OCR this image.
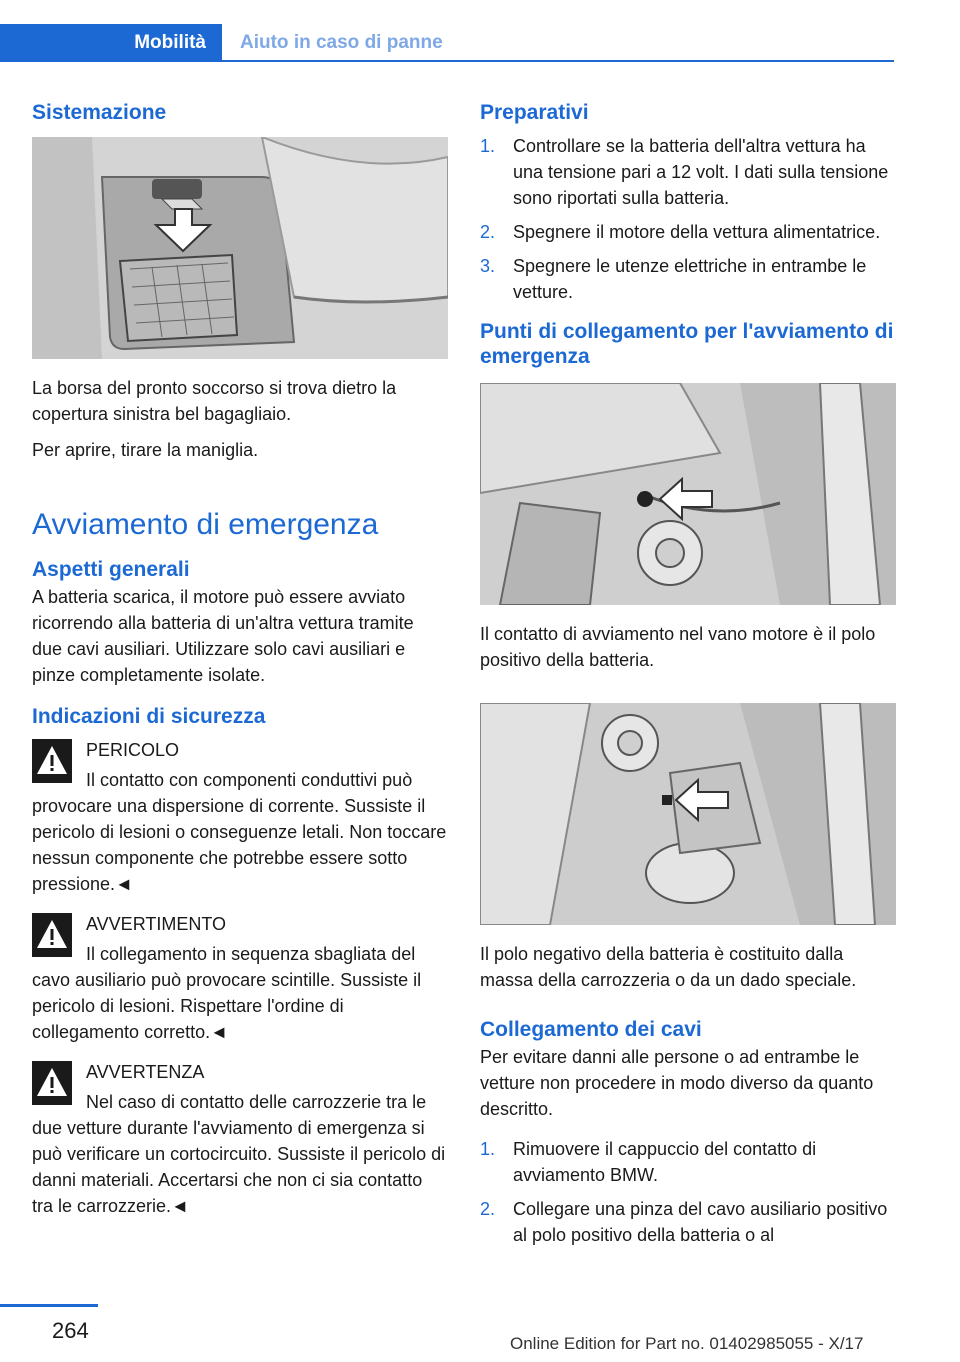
Mobilità Aiuto in caso di panne
Sistemazione

La borsa del pronto soccorso si trova dietro la copertura sinistra bel bagagliaio.

Per aprire, tirare la maniglia.

Avviamento di emergenza
Aspetti generali

A batteria scarica, il motore può essere avviato ricorrendo alla batteria di un'altra vettura tramite due cavi ausiliari. Utilizzare solo cavi ausiliari e pinze completamente isolate.

Indicazioni di sicurezza
PERICOLO

Il contatto con componenti conduttivi può provocare una dispersione di corrente. Sussiste il pericolo di lesioni o conseguenze letali. Non toccare nessun componente che potrebbe essere sotto pressione.◄

AVVERTIMENTO

Il collegamento in sequenza sbagliata del cavo ausiliario può provocare scintille. Sussiste il pericolo di lesioni. Rispettare l'ordine di collegamento corretto.◄

AVVERTENZA

Nel caso di contatto delle carrozzerie tra le due vetture durante l'avviamento di emergenza si può verificare un cortocircuito. Sussiste il pericolo di danni materiali. Accertarsi che non ci sia contatto tra le carrozzerie.◄

Preparativi
1. Controllare se la batteria dell'altra vettura ha una tensione pari a 12 volt. I dati sulla tensione sono riportati sulla batteria.
2. Spegnere il motore della vettura alimentatrice.
3. Spegnere le utenze elettriche in entrambe le vetture.
Punti di collegamento per l'avviamento di emergenza

Il contatto di avviamento nel vano motore è il polo positivo della batteria.

Il polo negativo della batteria è costituito dalla massa della carrozzeria o da un dado speciale.

Collegamento dei cavi

Per evitare danni alle persone o ad entrambe le vetture non procedere in modo diverso da quanto descritto.

1. Rimuovere il cappuccio del contatto di avviamento BMW.
2. Collegare una pinza del cavo ausiliario positivo al polo positivo della batteria o al
264
Online Edition for Part no. 01402985055 - X/17
